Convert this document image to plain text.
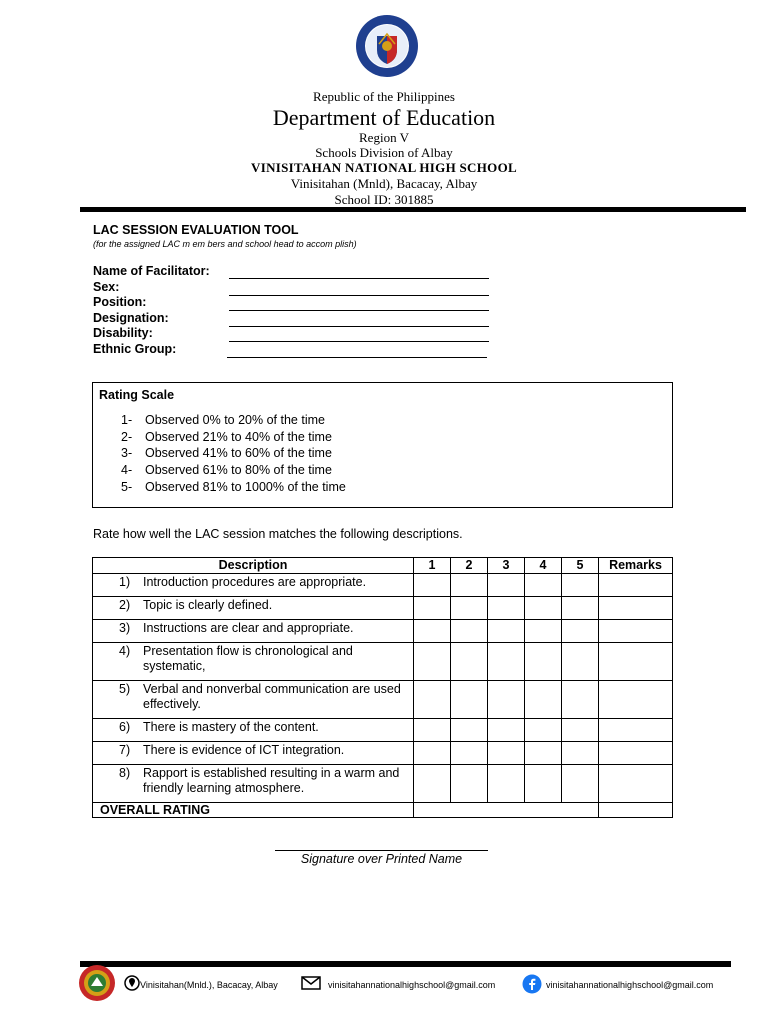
Republic of the Philippines
Department of Education
Region V
Schools Division of Albay
VINISITAHAN NATIONAL HIGH SCHOOL
Vinisitahan (Mnld), Bacacay, Albay
School ID: 301885
LAC SESSION EVALUATION TOOL
(for the assigned LAC m em bers and school head to accom plish)
Name of Facilitator:
Sex:
Position:
Designation:
Disability:
Ethnic Group:
Rating Scale
1- Observed 0% to 20% of the time
2- Observed 21% to 40% of the time
3- Observed 41% to 60% of the time
4- Observed 61% to 80% of the time
5- Observed 81% to 1000% of the time
Rate how well the LAC session matches the following descriptions.
Description	1	2	3	4	5	Remarks

1) Introduction procedures are appropriate.						

2) Topic is clearly defined.						

3) Instructions are clear and appropriate.						

4) Presentation flow is chronological and systematic,						

5) Verbal and nonverbal communication are used effectively.						

6) There is mastery of the content.						

7) There is evidence of ICT integration.						

8) Rapport is established resulting in a warm and friendly learning atmosphere.						

OVERALL RATING						
Signature over Printed Name
Vinisitahan(Mnld.), Bacacay, Albay	vinisitahannationalhighschool@gmail.com	vinisitahannationalhighschool@gmail.com
